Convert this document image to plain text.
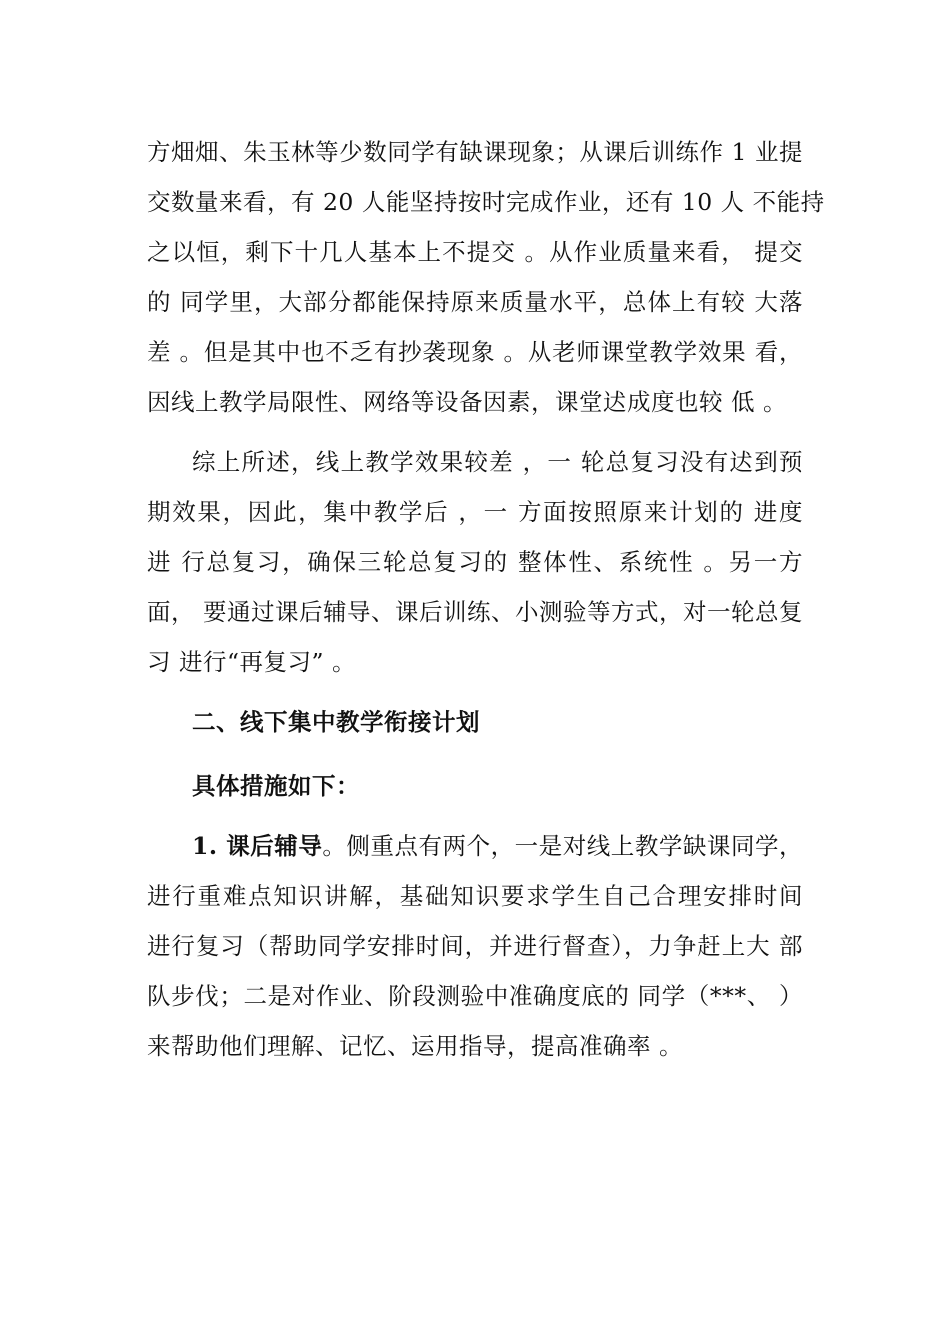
方畑畑、朱玉林等少数同学有缺课现象；从课后训练作 1 业提
交数量来看，有 20 人能坚持按时完成作业，还有 10 人 不能持
之以恒，剩下十几人基本上不提交 。从作业质量来看， 提交
的 同学里，大部分都能保持原来质量水平，总体上有较 大落
差 。但是其中也不乏有抄袭现象 。从老师课堂教学效果 看，
因线上教学局限性、网络等设备因素，课堂迖成度也较 低 。
综上所述，线上教学效果较差 ，一 轮总复习没有迖到预
期效果，因此，集中教学后 ，一 方面按照原来计划的 进度
进 行总复习，确保三轮总复习的 整体性、系统性 。另一方
面， 要通过课后辅导、课后训练、小测验等方式，对一轮总复
习 进行“再复习” 。
二、线下集中教学衔接计划
具体措施如下：
1. 课后辅导。侧重点有两个，一是对线上教学缺课同学，
进行重难点知识讲解，基础知识要求学生自己合理安排时间
进行复习（帮助同学安排时间，并进行督查），力争赶上大 部
队步伐；二是对作业、阶段测验中准确度底的 同学（***、 ）
来帮助他们理解、记忆、运用指导，提高准确率 。
